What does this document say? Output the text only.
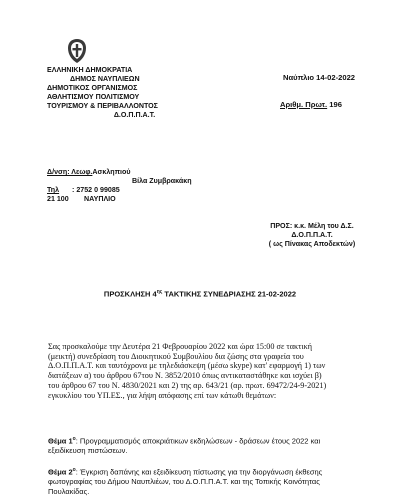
ΕΛΛΗΝΙΚΗ ΔΗΜΟΚΡΑΤΙΑ
ΔΗΜΟΣ ΝΑΥΠΛΙΕΩΝ
ΔΗΜΟΤΙΚΟΣ ΟΡΓΑΝΙΣΜΟΣ
ΑΘΛΗΤΙΣΜΟΥ ΠΟΛΙΤΙΣΜΟΥ
ΤΟΥΡΙΣΜΟΥ & ΠΕΡΙΒΑΛΛΟΝΤΟΣ
Δ.Ο.Π.Π.Α.Τ.
Δ/νση: Λεωφ.Ασκληπιού
Βίλα Ζυμβρακάκη
Τηλ : 2752 0 99085
21 100 ΝΑΥΠΛΙΟ
Ναύπλιο 14-02-2022
Αριθμ. Πρωτ. 196
ΠΡΟΣ: κ.κ. Μέλη του Δ.Σ.
Δ.Ο.Π.Π.Α.Τ.
( ως Πίνακας Αποδεκτών)
ΠΡΟΣΚΛΗΣΗ $4^{\eta\varsigma}$ ΤΑΚΤΙΚΗΣ ΣΥΝΕΔΡΙΑΣΗΣ 21-02-2022
Σας προσκαλούμε την Δευτέρα 21 Φεβρουαρίου 2022 και ώρα 15:00 σε τακτική
(μεικτή) συνεδρίαση του Διοικητικού Συμβουλίου δια ζώσης στα γραφεία του
Δ.Ο.Π.Π.Α.Τ. και ταυτόχρονα με τηλεδιάσκεψη (μέσω skype) κατ' εφαρμογή 1) των
διατάξεων α) του άρθρου 67του Ν. 3852/2010 όπως αντικαταστάθηκε και ισχύει β)
του άρθρου 67 του Ν. 4830/2021 και 2) της αρ. 643/21 (αρ. πρωτ. 69472/24-9-2021)
εγκυκλίου του ΥΠ.ΕΣ., για λήψη απόφασης επί των κάτωθι θεμάτων:
Θέμα $1^o$: Προγραμματισμός αποκριάτικων εκδηλώσεων - δράσεων έτους 2022 και
εξειδίκευση πιστώσεων.
Θέμα $2^o$: Έγκριση δαπάνης και εξειδίκευση πίστωσης για την διοργάνωση έκθεσης
φωτογραφίας του Δήμου Ναυπλιέων, του Δ.Ο.Π.Π.Α.Τ. και της Τοπικής Κοινότητας
Πουλακίδας.
